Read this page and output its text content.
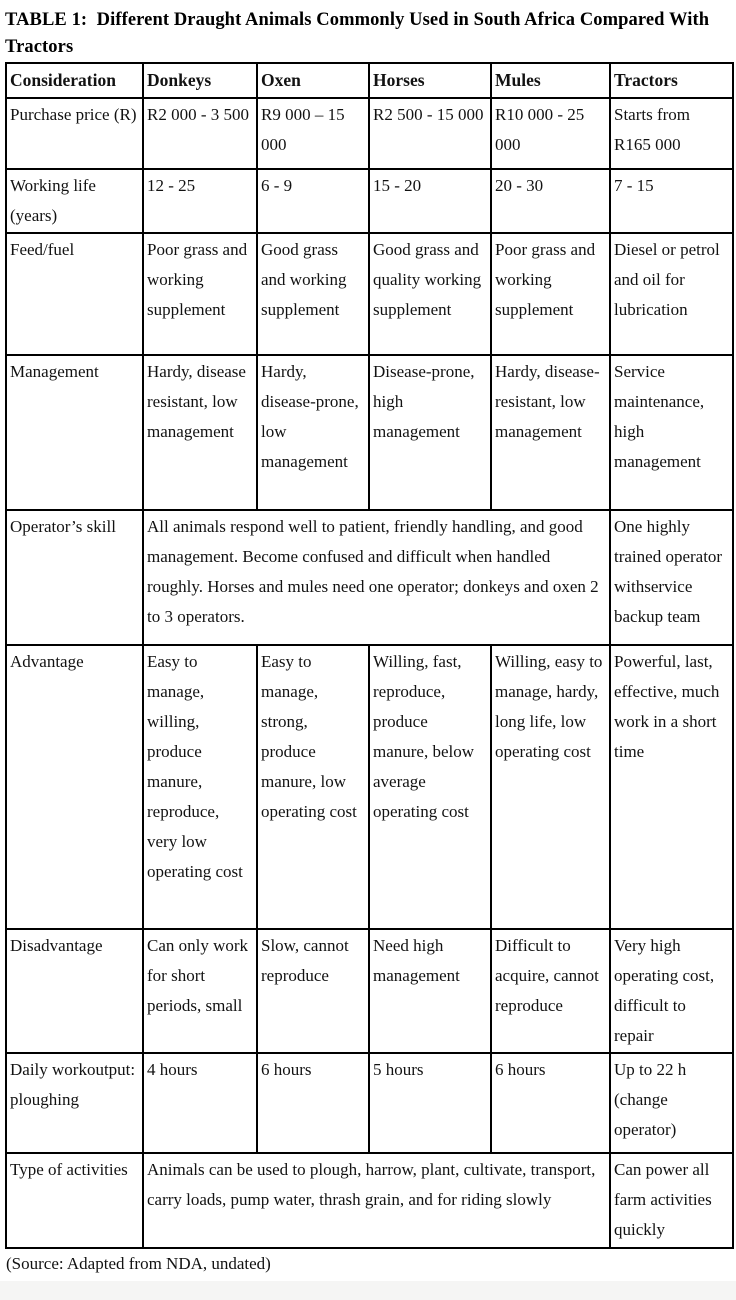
TABLE 1:  Different Draught Animals Commonly Used in South Africa Compared With
Tractors
Consideration	Donkeys	Oxen	Horses	Mules	Tractors
Purchase price (R)	R2 000 - 3 500	R9 000 – 15 000	R2 500 - 15 000	R10 000 - 25 000	Starts from R165 000
Working life (years)	12 - 25	6 - 9	15 - 20	20 - 30	7 - 15
Feed/fuel	Poor grass and working supplement	Good grass and working supplement	Good grass and quality working supplement	Poor grass and working supplement	Diesel or petrol and oil for lubrication
Management	Hardy, disease resistant, low management	Hardy, disease-prone, low management	Disease-prone, high management	Hardy, disease-resistant, low management	Service maintenance, high management
Operator’s skill	All animals respond well to patient, friendly handling, and good management. Become confused and difficult when handled roughly. Horses and mules need one operator; donkeys and oxen 2 to 3 operators.				One highly trained operator withservice backup team
Advantage	Easy to manage, willing, produce manure, reproduce, very low operating cost	Easy to manage, strong, produce manure, low operating cost	Willing, fast, reproduce, produce manure, below average operating cost	Willing, easy to manage, hardy, long life, low operating cost	Powerful, last, effective, much work in a short time
Disadvantage	Can only work for short periods, small	Slow, cannot reproduce	Need high management	Difficult to acquire, cannot reproduce	Very high operating cost, difficult to repair
Daily workoutput: ploughing	4 hours	6 hours	5 hours	6 hours	Up to 22 h (change operator)
Type of activities	Animals can be used to plough, harrow, plant, cultivate, transport, carry loads, pump water, thrash grain, and for riding slowly				Can power all farm activities quickly
(Source: Adapted from NDA, undated)
